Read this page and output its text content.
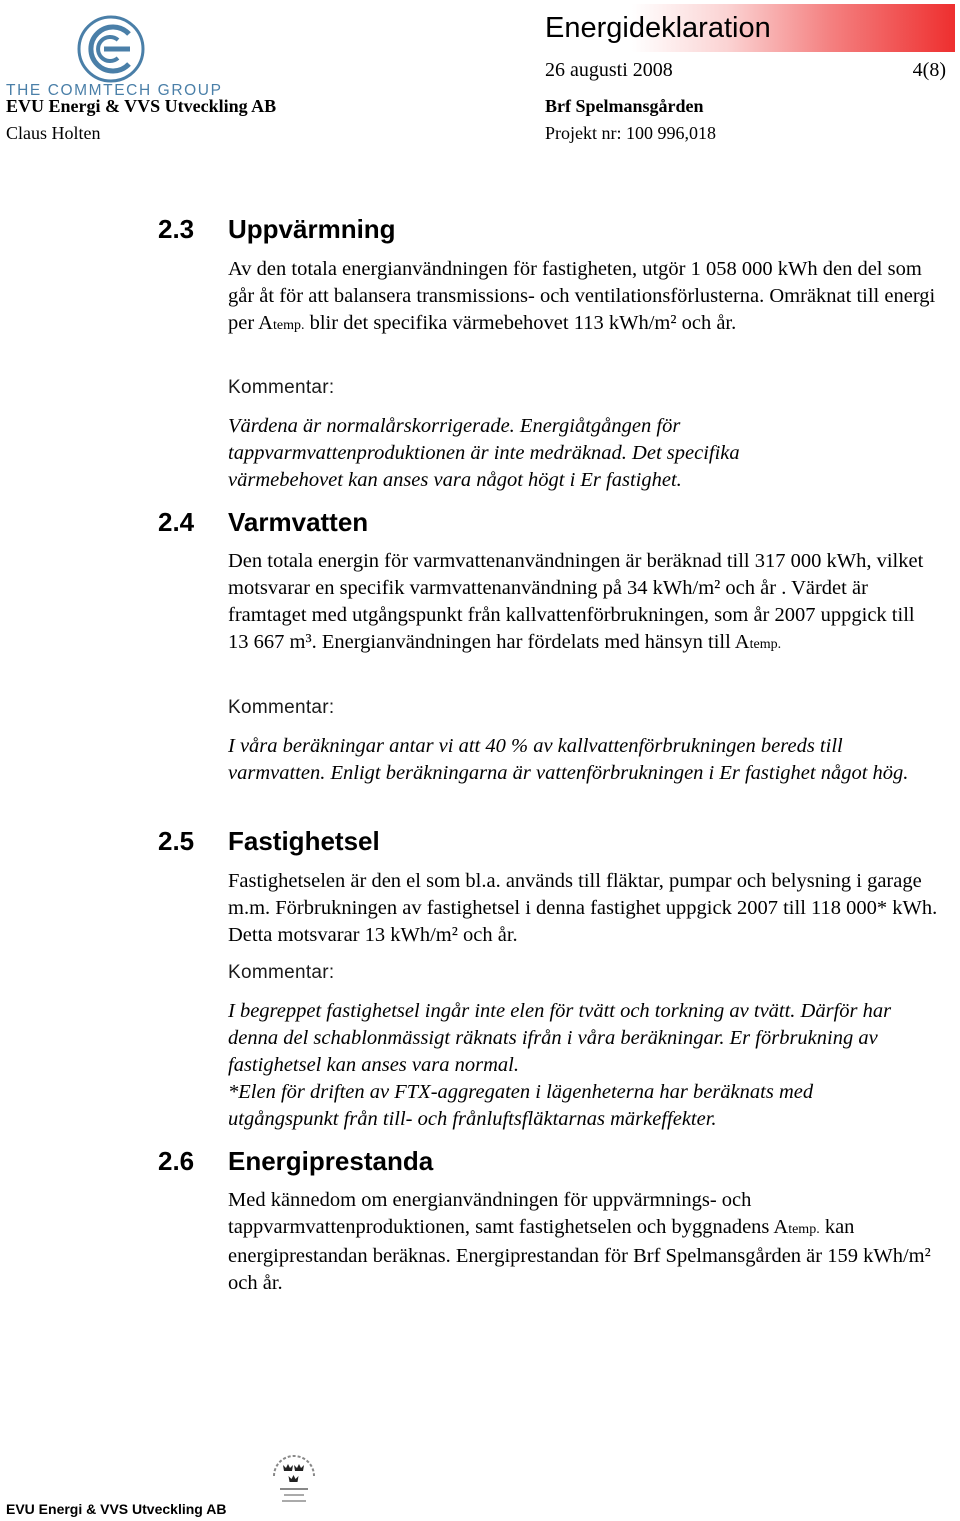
THE COMMTECH GROUP
EVU Energi & VVS Utveckling AB
Claus Holten
Energideklaration
26 augusti 2008	4(8)
Brf Spelmansgården
Projekt nr: 100 996,018
2.3 Uppvärmning
Av den totala energianvändningen för fastigheten, utgör 1 058 000 kWh den del som går åt för att balansera transmissions- och ventilationsförlusterna. Omräknat till energi per Atemp. blir det specifika värmebehovet 113 kWh/m² och år.
Kommentar:
Värdena är normalårskorrigerade. Energiåtgången för tappvarmvattenproduktionen är inte medräknad. Det specifika värmebehovet kan anses vara något högt i Er fastighet.
2.4 Varmvatten
Den totala energin för varmvattenanvändningen är beräknad till 317 000 kWh, vilket motsvarar en specifik varmvattenanvändning på 34 kWh/m² och år . Värdet är framtaget med utgångspunkt från kallvattenförbrukningen, som år 2007 uppgick till 13 667 m³. Energianvändningen har fördelats med hänsyn till Atemp.
Kommentar:
I våra beräkningar antar vi att 40 % av kallvattenförbrukningen bereds till varmvatten. Enligt beräkningarna är vattenförbrukningen i Er fastighet något hög.
2.5 Fastighetsel
Fastighetselen är den el som bl.a. används till fläktar, pumpar och belysning i garage m.m. Förbrukningen av fastighetsel i denna fastighet uppgick 2007 till 118 000* kWh. Detta motsvarar 13 kWh/m² och år.
Kommentar:
I begreppet fastighetsel ingår inte elen för tvätt och torkning av tvätt. Därför har denna del schablonmässigt räknats ifrån i våra beräkningar. Er förbrukning av fastighetsel kan anses vara normal.
*Elen för driften av FTX-aggregaten i lägenheterna har beräknats med utgångspunkt från till- och frånluftsfläktarnas märkeffekter.
2.6 Energiprestanda
Med kännedom om energianvändningen för uppvärmnings- och tappvarmvattenproduktionen, samt fastighetselen och byggnadens Atemp. kan energiprestandan beräknas. Energiprestandan för Brf Spelmansgården är 159 kWh/m² och år.
EVU Energi & VVS Utveckling AB
